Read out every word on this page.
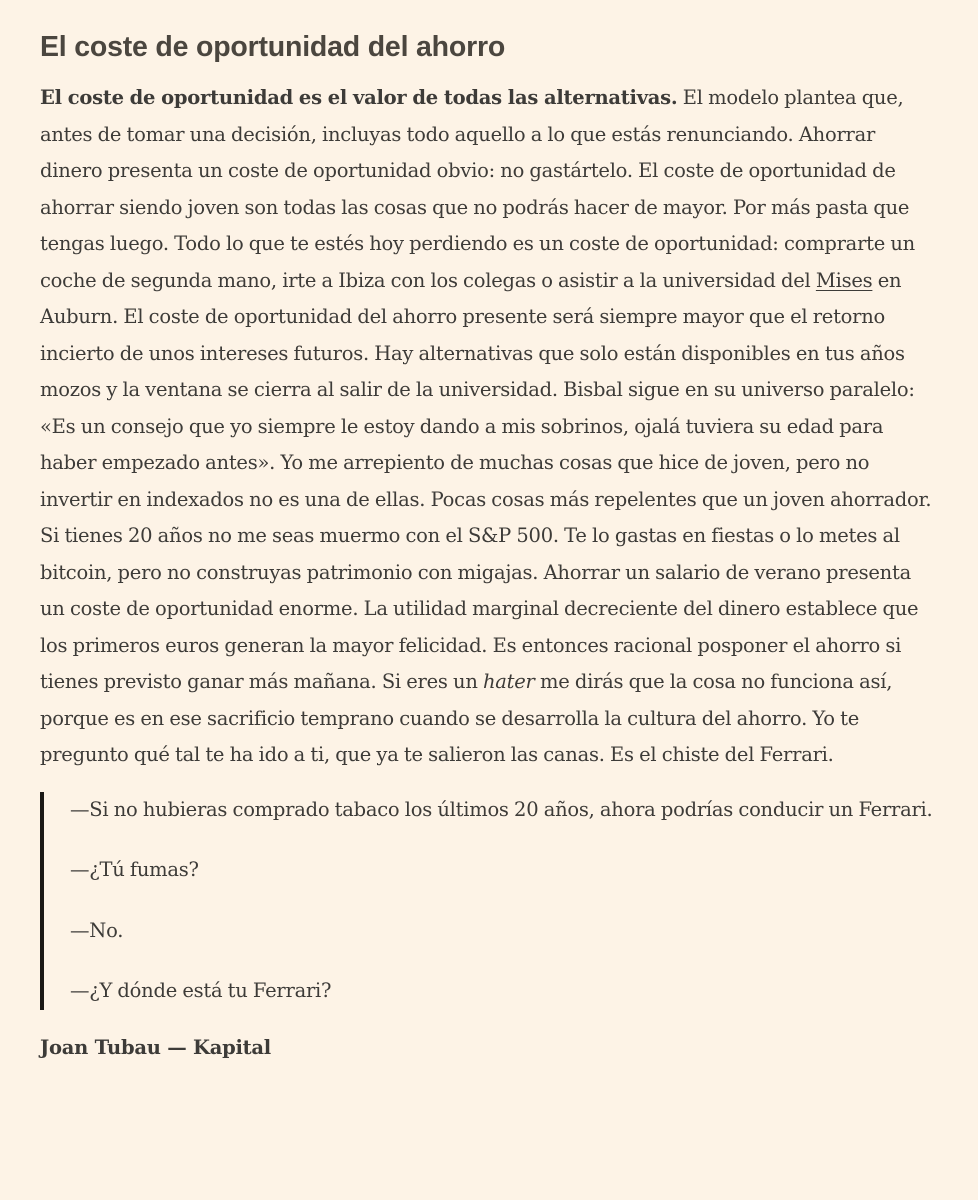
El coste de oportunidad del ahorro

El coste de oportunidad es el valor de todas las alternativas. El modelo plantea que, antes de tomar una decisión, incluyas todo aquello a lo que estás renunciando. Ahorrar dinero presenta un coste de oportunidad obvio: no gastártelo. El coste de oportunidad de ahorrar siendo joven son todas las cosas que no podrás hacer de mayor. Por más pasta que tengas luego. Todo lo que te estés hoy perdiendo es un coste de oportunidad: comprarte un coche de segunda mano, irte a Ibiza con los colegas o asistir a la universidad del Mises en Auburn. El coste de oportunidad del ahorro presente será siempre mayor que el retorno incierto de unos intereses futuros. Hay alternativas que solo están disponibles en tus años mozos y la ventana se cierra al salir de la universidad. Bisbal sigue en su universo paralelo: «Es un consejo que yo siempre le estoy dando a mis sobrinos, ojalá tuviera su edad para haber empezado antes». Yo me arrepiento de muchas cosas que hice de joven, pero no invertir en indexados no es una de ellas. Pocas cosas más repelentes que un joven ahorrador. Si tienes 20 años no me seas muermo con el S&P 500. Te lo gastas en fiestas o lo metes al bitcoin, pero no construyas patrimonio con migajas. Ahorrar un salario de verano presenta un coste de oportunidad enorme. La utilidad marginal decreciente del dinero establece que los primeros euros generan la mayor felicidad. Es entonces racional posponer el ahorro si tienes previsto ganar más mañana. Si eres un hater me dirás que la cosa no funciona así, porque es en ese sacrificio temprano cuando se desarrolla la cultura del ahorro. Yo te pregunto qué tal te ha ido a ti, que ya te salieron las canas. Es el chiste del Ferrari.

—Si no hubieras comprado tabaco los últimos 20 años, ahora podrías conducir un Ferrari.

—¿Tú fumas?

—No.

—¿Y dónde está tu Ferrari?

Joan Tubau — Kapital
